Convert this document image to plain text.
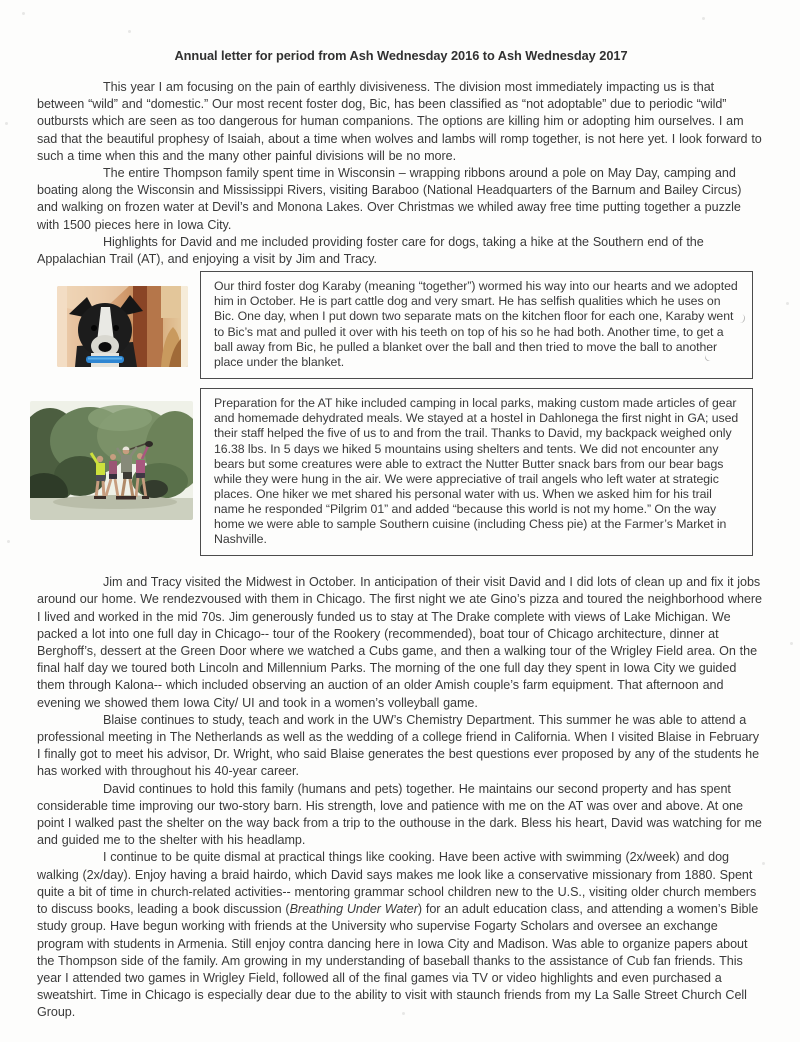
Annual letter for period from Ash Wednesday 2016 to Ash Wednesday 2017

This year I am focusing on the pain of earthly divisiveness. The division most immediately impacting us is that between “wild” and “domestic.” Our most recent foster dog, Bic, has been classified as “not adoptable” due to periodic “wild” outbursts which are seen as too dangerous for human companions. The options are killing him or adopting him ourselves. I am sad that the beautiful prophesy of Isaiah, about a time when wolves and lambs will romp together, is not here yet. I look forward to such a time when this and the many other painful divisions will be no more.

The entire Thompson family spent time in Wisconsin – wrapping ribbons around a pole on May Day, camping and boating along the Wisconsin and Mississippi Rivers, visiting Baraboo (National Headquarters of the Barnum and Bailey Circus) and walking on frozen water at Devil’s and Monona Lakes. Over Christmas we whiled away free time putting together a puzzle with 1500 pieces here in Iowa City.

Highlights for David and me included providing foster care for dogs, taking a hike at the Southern end of the Appalachian Trail (AT), and enjoying a visit by Jim and Tracy.

Our third foster dog Karaby (meaning “together”) wormed his way into our hearts and we adopted him in October. He is part cattle dog and very smart. He has selfish qualities which he uses on Bic. One day, when I put down two separate mats on the kitchen floor for each one, Karaby went to Bic’s mat and pulled it over with his teeth on top of his so he had both. Another time, to get a ball away from Bic, he pulled a blanket over the ball and then tried to move the ball to another place under the blanket.
Preparation for the AT hike included camping in local parks, making custom made articles of gear and homemade dehydrated meals. We stayed at a hostel in Dahlonega the first night in GA; used their staff helped the five of us to and from the trail. Thanks to David, my backpack weighed only 16.38 lbs. In 5 days we hiked 5 mountains using shelters and tents. We did not encounter any bears but some creatures were able to extract the Nutter Butter snack bars from our bear bags while they were hung in the air. We were appreciative of trail angels who left water at strategic places. One hiker we met shared his personal water with us. When we asked him for his trail name he responded “Pilgrim 01” and added “because this world is not my home.” On the way home we were able to sample Southern cuisine (including Chess pie) at the Farmer’s Market in Nashville.

Jim and Tracy visited the Midwest in October. In anticipation of their visit David and I did lots of clean up and fix it jobs around our home. We rendezvoused with them in Chicago. The first night we ate Gino’s pizza and toured the neighborhood where I lived and worked in the mid 70s. Jim generously funded us to stay at The Drake complete with views of Lake Michigan. We packed a lot into one full day in Chicago-- tour of the Rookery (recommended), boat tour of Chicago architecture, dinner at Berghoff’s, dessert at the Green Door where we watched a Cubs game, and then a walking tour of the Wrigley Field area. On the final half day we toured both Lincoln and Millennium Parks. The morning of the one full day they spent in Iowa City we guided them through Kalona-- which included observing an auction of an older Amish couple’s farm equipment. That afternoon and evening we showed them Iowa City/ UI and took in a women’s volleyball game.

Blaise continues to study, teach and work in the UW’s Chemistry Department. This summer he was able to attend a professional meeting in The Netherlands as well as the wedding of a college friend in California. When I visited Blaise in February I finally got to meet his advisor, Dr. Wright, who said Blaise generates the best questions ever proposed by any of the students he has worked with throughout his 40-year career.

David continues to hold this family (humans and pets) together. He maintains our second property and has spent considerable time improving our two-story barn. His strength, love and patience with me on the AT was over and above. At one point I walked past the shelter on the way back from a trip to the outhouse in the dark. Bless his heart, David was watching for me and guided me to the shelter with his headlamp.

I continue to be quite dismal at practical things like cooking. Have been active with swimming (2x/week) and dog walking (2x/day). Enjoy having a braid hairdo, which David says makes me look like a conservative missionary from 1880. Spent quite a bit of time in church-related activities-- mentoring grammar school children new to the U.S., visiting older church members to discuss books, leading a book discussion (Breathing Under Water) for an adult education class, and attending a women’s Bible study group. Have begun working with friends at the University who supervise Fogarty Scholars and oversee an exchange program with students in Armenia. Still enjoy contra dancing here in Iowa City and Madison. Was able to organize papers about the Thompson side of the family. Am growing in my understanding of baseball thanks to the assistance of Cub fan friends. This year I attended two games in Wrigley Field, followed all of the final games via TV or video highlights and even purchased a sweatshirt. Time in Chicago is especially dear due to the ability to visit with staunch friends from my La Salle Street Church Cell Group.
